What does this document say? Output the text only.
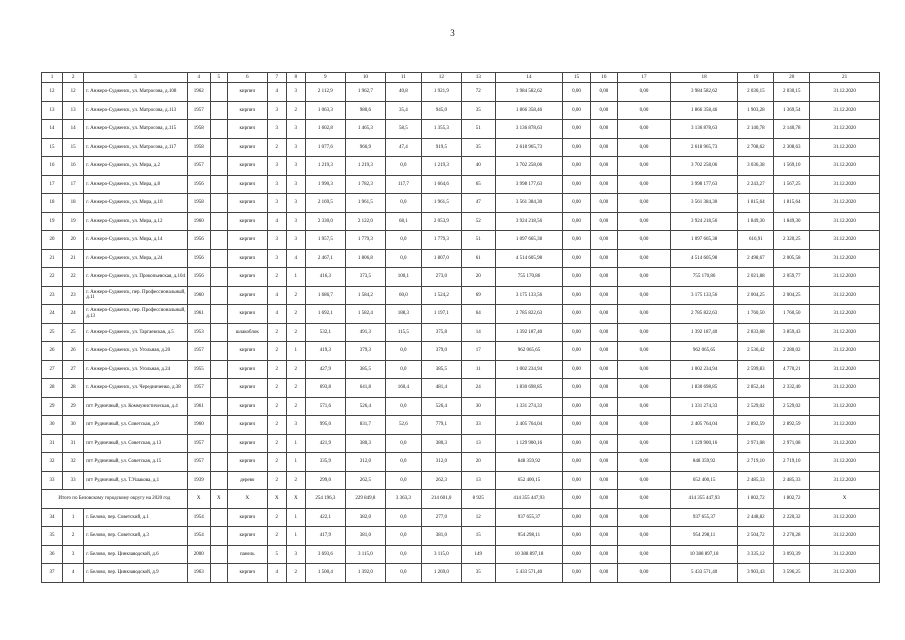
3
1	2	3	4	5	6	7	8	9	10	11	12	13	14	15	16	17	18	19	20	21
12	12	г. Анжеро-Судженск, ул. Матросова, д.108	1962		кирпич	4	3	2 112,9	1 962,7	40,8	1 921,9	72	3 984 582,62	0,00	0,00	0,00	3 984 582,62	2 030,15	2 030,15	31.12.2020
13	13	г. Анжеро-Судженск, ул. Матросова, д.113	1957		кирпич	3	2	1 063,3	980,6	35,4	945,0	35	1 866 358,46	0,00	0,00	0,00	1 866 358,46	1 903,28	1 369,54	31.12.2020
14	14	г. Анжеро-Судженск, ул. Матросова, д.115	1958		кирпич	3	3	1 602,8	1 465,3	58,5	1 355,3	51	3 136 878,63	0,00	0,00	0,00	3 136 878,63	2 140,78	2 140,78	31.12.2020
15	15	г. Анжеро-Судженск, ул. Матросова, д.117	1958		кирпич	2	3	1 077,6	966,9	47,4	919,5	35	2 618 965,73	0,00	0,00	0,00	2 618 965,73	2 708,62	2 308,63	31.12.2020
16	16	г. Анжеро-Судженск, ул. Мира, д.2	1957		кирпич	3	3	1 219,3	1 219,3	0,0	1 219,3	40	3 702 258,06	0,00	0,00	0,00	3 702 258,06	3 036,38	1 569,10	31.12.2020
17	17	г. Анжеро-Судженск, ул. Мира, д.8	1956		кирпич	3	3	1 990,3	1 782,3	117,7	1 664,6	65	3 998 177,63	0,00	0,00	0,00	3 998 177,63	2 243,27	1 567,25	31.12.2020
18	18	г. Анжеро-Судженск, ул. Мира, д.10	1958		кирпич	3	3	2 169,5	1 961,5	0,0	1 961,5	47	3 561 384,30	0,00	0,00	0,00	3 561 384,30	1 815,64	1 815,64	31.12.2020
19	19	г. Анжеро-Судженск, ул. Мира, д.12	1960		кирпич	4	3	2 330,0	2 122,0	68,1	2 053,9	52	3 924 218,56	0,00	0,00	0,00	3 924 218,56	1 849,30	1 849,30	31.12.2020
20	20	г. Анжеро-Судженск, ул. Мира, д.14	1956		кирпич	3	3	1 957,5	1 779,3	0,0	1 779,3	51	1 097 665,38	0,00	0,00	0,00	1 097 665,38	616,91	2 320,25	31.12.2020
21	21	г. Анжеро-Судженск, ул. Мира, д.24	1956		кирпич	3	4	2 467,1	1 806,8	0,0	1 807,0	61	4 514 605,98	0,00	0,00	0,00	4 514 605,98	2 498,67	2 005,58	31.12.2020
22	22	г. Анжеро-Судженск, ул. Прокопьевская, д.104	1956		кирпич	2	1	416,3	373,5	100,1	273,0	20	755 170,86	0,00	0,00	0,00	755 170,86	2 021,88	2 059,77	31.12.2020
23	23	г. Анжеро-Судженск, пер. Профессиональный, д.11	1960		кирпич	4	2	1 686,7	1 584,2	60,0	1 524,2	69	3 175 133,56	0,00	0,00	0,00	3 175 133,56	2 004,25	2 004,25	31.12.2020
24	24	г. Анжеро-Судженск, пер. Профессиональный, д.13	1961		кирпич	4	2	1 692,1	1 582,4	188,3	1 197,1	64	2 785 822,63	0,00	0,00	0,00	2 785 822,63	1 760,50	1 760,50	31.12.2020
25	25	г. Анжеро-Судженск, ул. Таргаевская, д.5	1953		шлакоблок	2	2	532,1	491,3	115,5	375,8	14	1 392 187,40	0,00	0,00	0,00	1 392 187,40	2 833,68	3 859,43	31.12.2020
26	26	г. Анжеро-Судженск, ул. Угольная, д.20	1957		кирпич	2	1	419,3	379,3	0,0	379,0	17	962 065,65	0,00	0,00	0,00	962 065,65	2 536,42	2 280,02	31.12.2020
27	27	г. Анжеро-Судженск, ул. Угольная, д.24	1955		кирпич	2	2	427,9	385,5	0,0	385,5	11	1 002 234,94	0,00	0,00	0,00	1 002 234,94	2 599,83	4 770,21	31.12.2020
28	28	г. Анжеро-Судженск, ул. Чередниченко, д.38	1957		кирпич	2	2	693,8	641,8	160,4	481,4	24	1 830 698,85	0,00	0,00	0,00	1 830 698,85	2 852,44	2 332,40	31.12.2020
29	29	пгт Рудничный, ул. Коммунистическая, д.4	1961		кирпич	2	2	571,6	526,4	0,0	526,4	30	1 331 274,33	0,00	0,00	0,00	1 331 274,33	2 529,02	2 529,02	31.12.2020
30	30	пгт Рудничный, ул. Советская, д.9	1960		кирпич	2	3	995,0	831,7	52,6	779,1	33	2 405 764,04	0,00	0,00	0,00	2 405 764,04	2 892,59	2 892,59	31.12.2020
31	31	пгт Рудничный, ул. Советская, д.13	1957		кирпич	2	1	421,9	380,3	0,0	380,3	13	1 129 900,16	0,00	0,00	0,00	1 129 900,16	2 971,08	2 971,08	31.12.2020
32	32	пгт Рудничный, ул. Советская, д.15	1957		кирпич	2	1	335,9	312,0	0,0	312,0	20	848 359,92	0,00	0,00	0,00	848 359,92	2 719,10	2 719,10	31.12.2020
33	33	пгт Рудничный, ул. Т.Ушакова, д.1	1939		дерево	2	2	299,0	262,5	0,0	262,3	13	652 400,15	0,00	0,00	0,00	652 400,15	2 485,33	2 485,33	31.12.2020
Итого по Беловскому городскому округу на 2020 год			X	X	X	X	X	254 196,3	229 849,8	3 363,3	214 601,0	8 925	414 355 447,93	0,00	0,00	0,00	414 355 447,93	1 802,72	1 802,72	X
34	1	г. Белово, пер. Советский, д.1	1954		кирпич	2	1	422,1	382,0	0,0	277,0	12	937 655,37	0,00	0,00	0,00	937 655,37	2 448,82	2 220,32	31.12.2020
35	2	г. Белово, пер. Советский, д.3	1954		кирпич	2	1	417,9	381,0	0,0	381,0	15	954 298,11	0,00	0,00	0,00	954 298,11	2 504,72	2 270,28	31.12.2020
36	3	г. Белово, пер. Цинкзаводской, д.6	2000		панель	5	3	3 693,6	3 115,0	0,0	3 115,0	149	10 388 897,18	0,00	0,00	0,00	10 388 897,18	3 335,12	3 093,39	31.12.2020
37	4	г. Белово, пер. Цинкзаводской, д.9	1963		кирпич	4	2	1 500,4	1 392,0	0,0	1 269,0	35	5 433 571,40	0,00	0,00	0,00	5 433 571,40	3 903,43	3 596,25	31.12.2020
